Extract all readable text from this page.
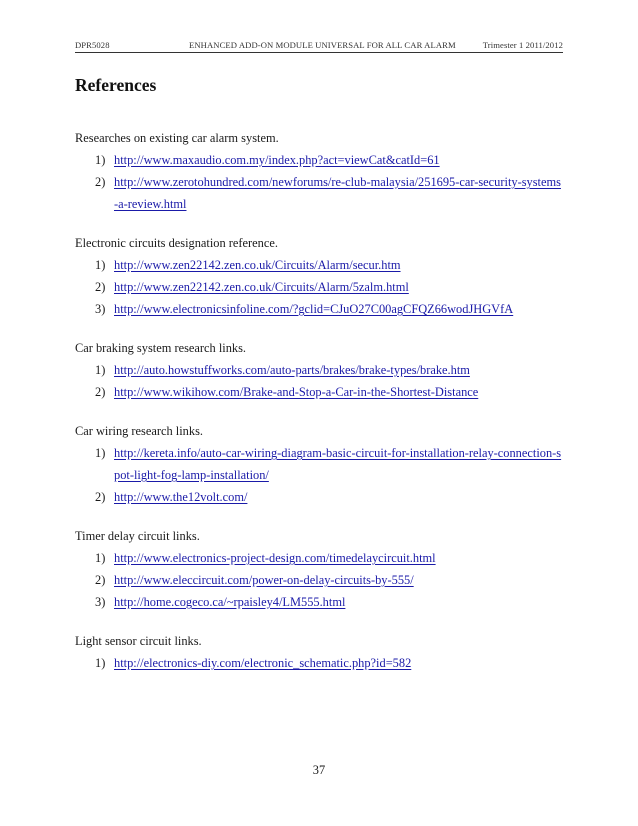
DPR5028	ENHANCED ADD-ON MODULE UNIVERSAL FOR ALL CAR ALARM	Trimester 1 2011/2012
References

Researches on existing car alarm system.

1) http://www.maxaudio.com.my/index.php?act=viewCat&catId=61
2) http://www.zerotohundred.com/newforums/re-club-malaysia/251695-car-security-systems-a-review.html

Electronic circuits designation reference.

1) http://www.zen22142.zen.co.uk/Circuits/Alarm/secur.htm
2) http://www.zen22142.zen.co.uk/Circuits/Alarm/5zalm.html
3) http://www.electronicsinfoline.com/?gclid=CJuO27C00agCFQZ66wodJHGVfA

Car braking system research links.

1) http://auto.howstuffworks.com/auto-parts/brakes/brake-types/brake.htm
2) http://www.wikihow.com/Brake-and-Stop-a-Car-in-the-Shortest-Distance

Car wiring research links.

1) http://kereta.info/auto-car-wiring-diagram-basic-circuit-for-installation-relay-connection-spot-light-fog-lamp-installation/
2) http://www.the12volt.com/

Timer delay circuit links.

1) http://www.electronics-project-design.com/timedelaycircuit.html
2) http://www.eleccircuit.com/power-on-delay-circuits-by-555/
3) http://home.cogeco.ca/~rpaisley4/LM555.html

Light sensor circuit links.

1) http://electronics-diy.com/electronic_schematic.php?id=582
37
